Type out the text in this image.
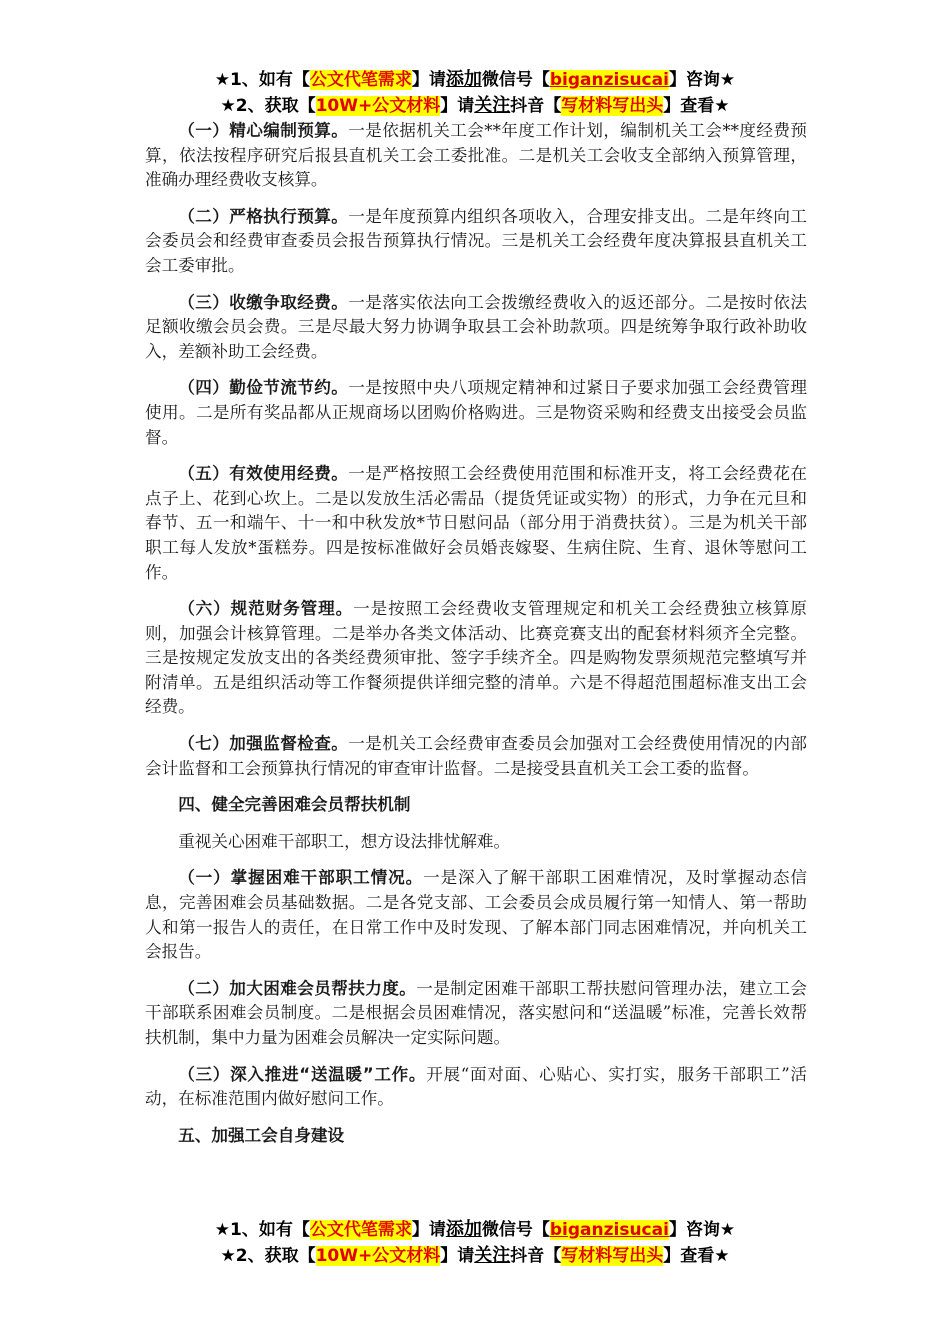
★1、如有【公文代笔需求】请添加微信号【biganzisucai】咨询★
★2、获取【10W+公文材料】请关注抖音【写材料写出头】查看★

（一）精心编制预算。一是依据机关工会**年度工作计划，编制机关工会**度经费预算，依法按程序研究后报县直机关工会工委批准。二是机关工会收支全部纳入预算管理，准确办理经费收支核算。

（二）严格执行预算。一是年度预算内组织各项收入，合理安排支出。二是年终向工会委员会和经费审查委员会报告预算执行情况。三是机关工会经费年度决算报县直机关工会工委审批。

（三）收缴争取经费。一是落实依法向工会拨缴经费收入的返还部分。二是按时依法足额收缴会员会费。三是尽最大努力协调争取县工会补助款项。四是统筹争取行政补助收入，差额补助工会经费。

（四）勤俭节流节约。一是按照中央八项规定精神和过紧日子要求加强工会经费管理使用。二是所有奖品都从正规商场以团购价格购进。三是物资采购和经费支出接受会员监督。

（五）有效使用经费。一是严格按照工会经费使用范围和标准开支，将工会经费花在点子上、花到心坎上。二是以发放生活必需品（提货凭证或实物）的形式，力争在元旦和春节、五一和端午、十一和中秋发放*节日慰问品（部分用于消费扶贫）。三是为机关干部职工每人发放*蛋糕券。四是按标准做好会员婚丧嫁娶、生病住院、生育、退休等慰问工作。

（六）规范财务管理。一是按照工会经费收支管理规定和机关工会经费独立核算原则，加强会计核算管理。二是举办各类文体活动、比赛竞赛支出的配套材料须齐全完整。三是按规定发放支出的各类经费须审批、签字手续齐全。四是购物发票须规范完整填写并附清单。五是组织活动等工作餐须提供详细完整的清单。六是不得超范围超标准支出工会经费。

（七）加强监督检查。一是机关工会经费审查委员会加强对工会经费使用情况的内部会计监督和工会预算执行情况的审查审计监督。二是接受县直机关工会工委的监督。

四、健全完善困难会员帮扶机制

重视关心困难干部职工，想方设法排忧解难。

（一）掌握困难干部职工情况。一是深入了解干部职工困难情况，及时掌握动态信息，完善困难会员基础数据。二是各党支部、工会委员会成员履行第一知情人、第一帮助人和第一报告人的责任，在日常工作中及时发现、了解本部门同志困难情况，并向机关工会报告。

（二）加大困难会员帮扶力度。一是制定困难干部职工帮扶慰问管理办法，建立工会干部联系困难会员制度。二是根据会员困难情况，落实慰问和“送温暖”标准，完善长效帮扶机制，集中力量为困难会员解决一定实际问题。

（三）深入推进“送温暖”工作。开展“面对面、心贴心、实打实，服务干部职工”活动，在标准范围内做好慰问工作。

五、加强工会自身建设

★1、如有【公文代笔需求】请添加微信号【biganzisucai】咨询★
★2、获取【10W+公文材料】请关注抖音【写材料写出头】查看★
